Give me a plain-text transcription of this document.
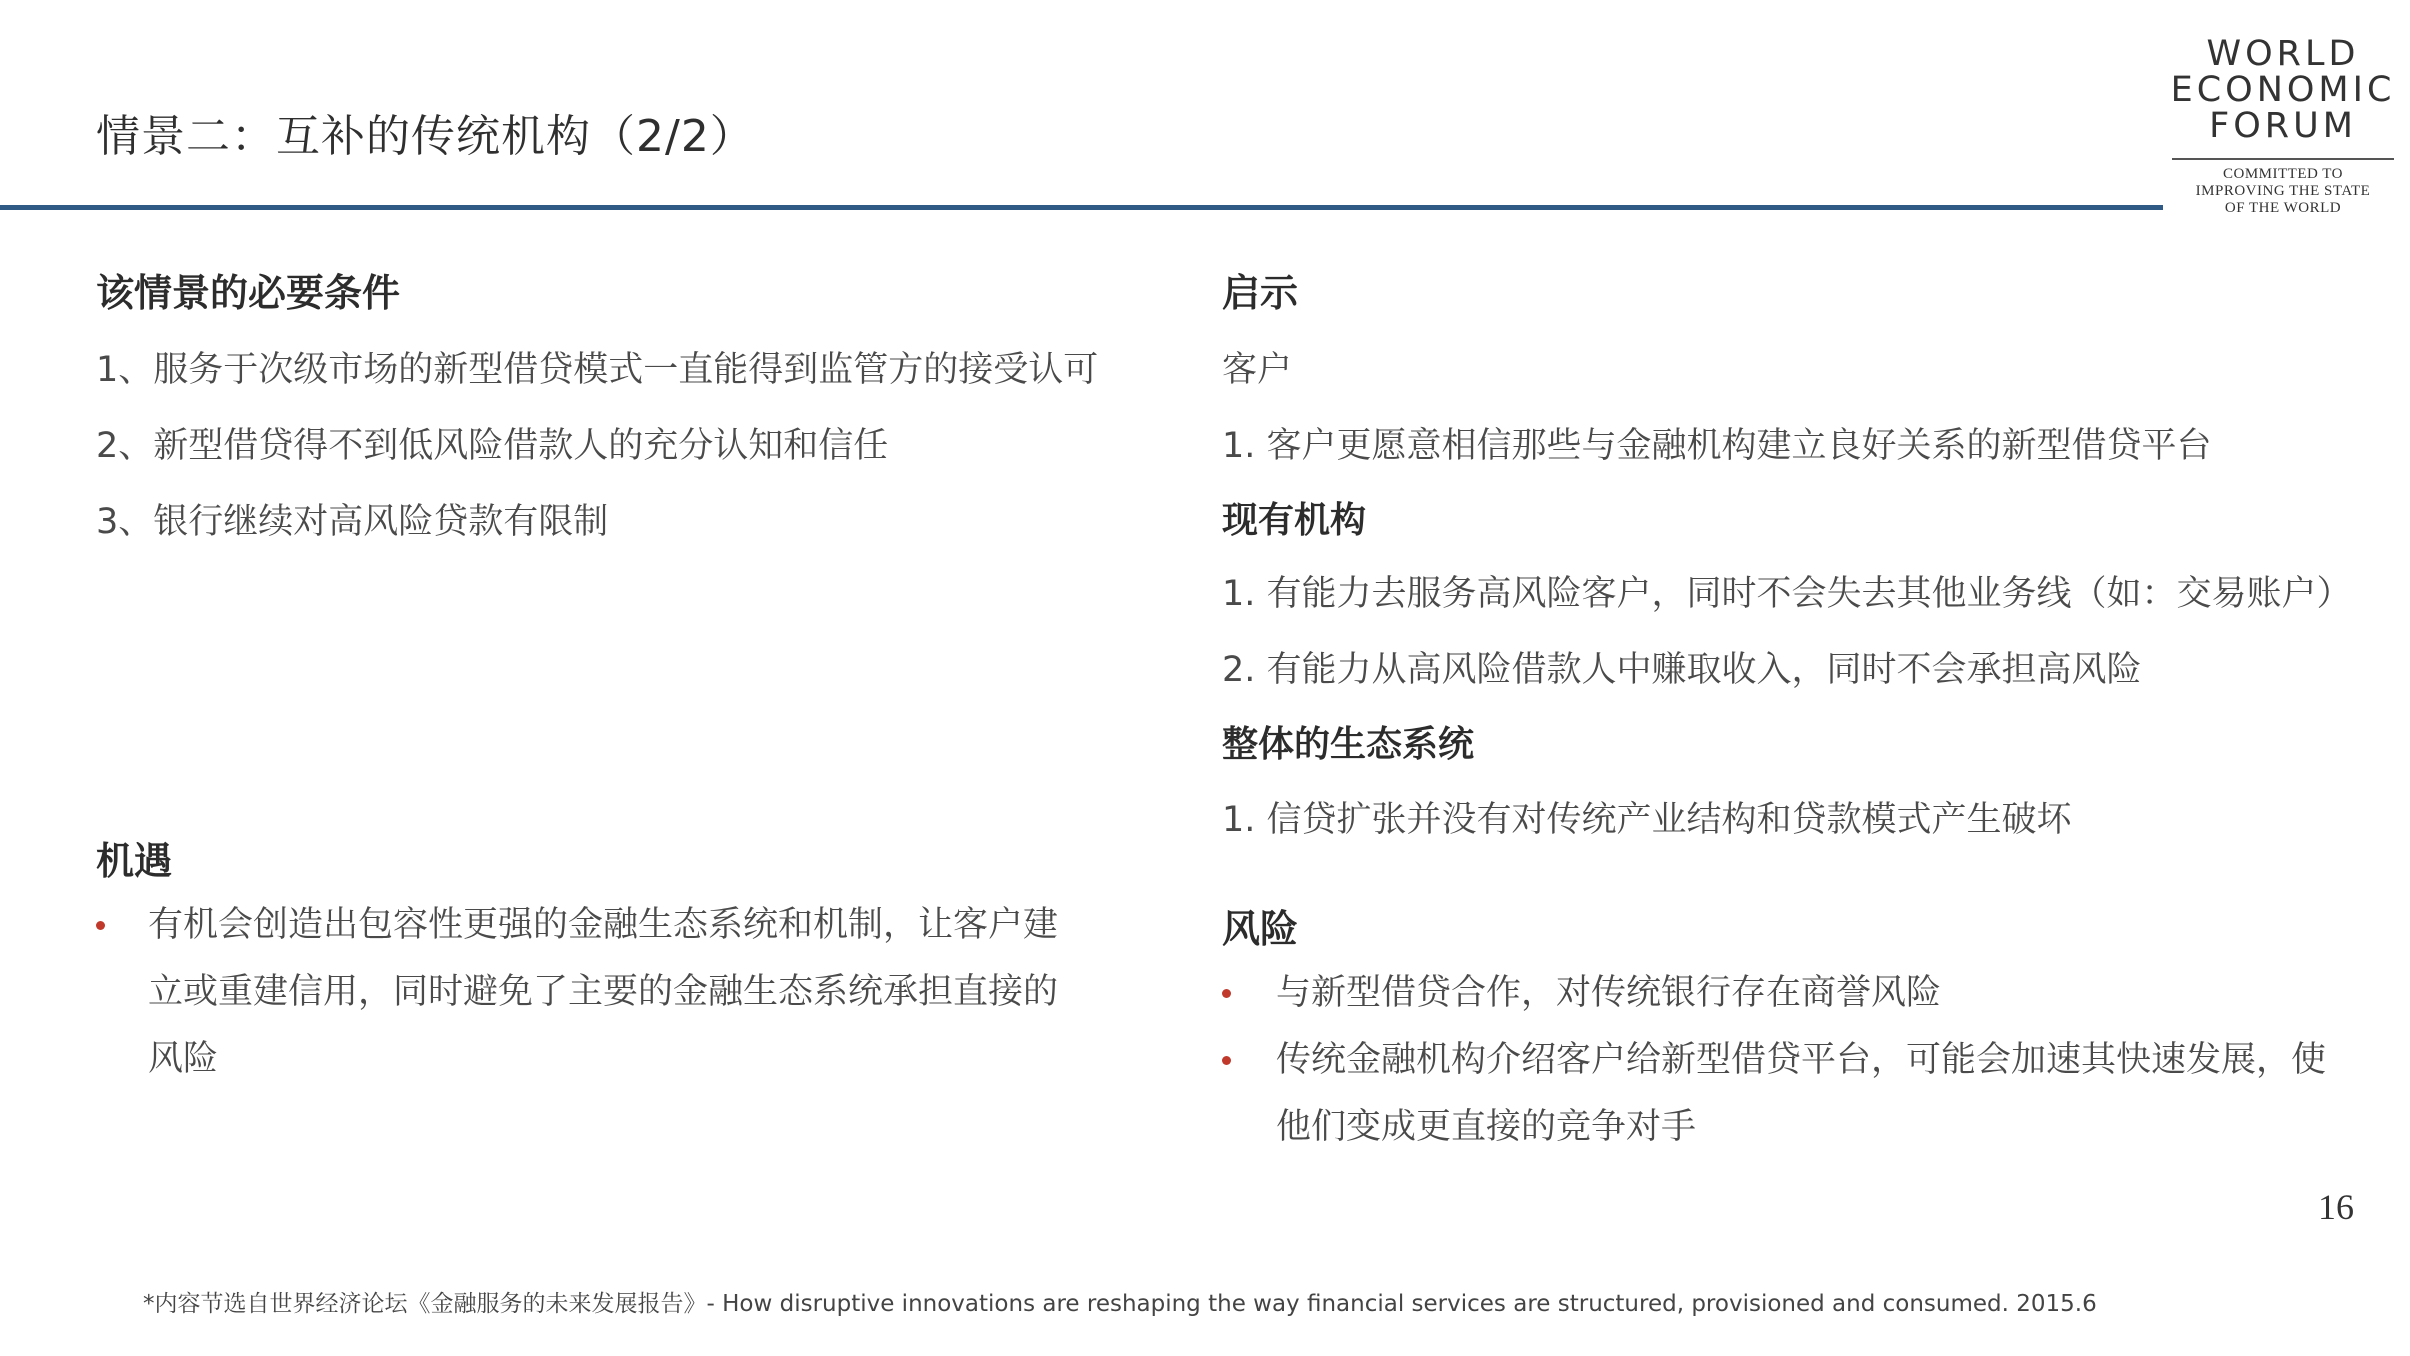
情景二：互补的传统机构（2/2）
WORLD
ECONOMIC
FORUM
COMMITTED TO
IMPROVING THE STATE
OF THE WORLD
该情景的必要条件
1、服务于次级市场的新型借贷模式一直能得到监管方的接受认可
2、新型借贷得不到低风险借款人的充分认知和信任
3、银行继续对高风险贷款有限制
机遇
有机会创造出包容性更强的金融生态系统和机制，让客户建
立或重建信用，同时避免了主要的金融生态系统承担直接的
风险
启示
客户
1. 客户更愿意相信那些与金融机构建立良好关系的新型借贷平台
现有机构
1. 有能力去服务高风险客户，同时不会失去其他业务线（如：交易账户）
2. 有能力从高风险借款人中赚取收入，同时不会承担高风险
整体的生态系统
1. 信贷扩张并没有对传统产业结构和贷款模式产生破坏
风险
与新型借贷合作，对传统银行存在商誉风险
传统金融机构介绍客户给新型借贷平台，可能会加速其快速发展，使
他们变成更直接的竞争对手
16
*内容节选自世界经济论坛《金融服务的未来发展报告》- How disruptive innovations are reshaping the way financial services are structured, provisioned and consumed. 2015.6
